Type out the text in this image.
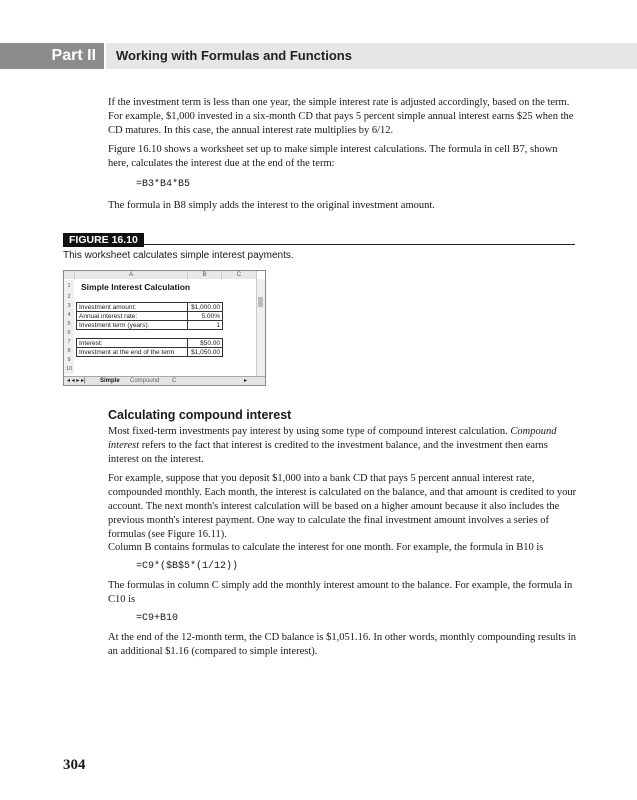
Part II	Working with Formulas and Functions

If the investment term is less than one year, the simple interest rate is adjusted accordingly, based on the term. For example, $1,000 invested in a six-month CD that pays 5 percent simple annual interest earns $25 when the CD matures. In this case, the annual interest rate multiplies by 6/12.

Figure 16.10 shows a worksheet set up to make simple interest calculations. The formula in cell B7, shown here, calculates the interest due at the end of the term:

=B3*B4*B5

The formula in B8 simply adds the interest to the original investment amount.

FIGURE 16.10
This worksheet calculates simple interest payments.
A	B	C
1
2
3
4
5
6
7
8
9
10
Simple Interest Calculation
Investment amount:	$1,000.00
Annual interest rate:	5.00%
Investment term (years):	1
Interest:	$50.00
Investment at the end of the term	$1,050.00
◂ ◂ ▸ ▸| Simple Compound C	▸
Calculating compound interest

Most fixed-term investments pay interest by using some type of compound interest calculation. Compound interest refers to the fact that interest is credited to the investment balance, and the investment then earns interest on the interest.

For example, suppose that you deposit $1,000 into a bank CD that pays 5 percent annual interest rate, compounded monthly. Each month, the interest is calculated on the balance, and that amount is credited to your account. The next month's interest calculation will be based on a higher amount because it also includes the previous month's interest payment. One way to calculate the final investment amount involves a series of formulas (see Figure 16.11).

Column B contains formulas to calculate the interest for one month. For example, the formula in B10 is

=C9*($B$5*(1/12))

The formulas in column C simply add the monthly interest amount to the balance. For example, the formula in C10 is

=C9+B10

At the end of the 12-month term, the CD balance is $1,051.16. In other words, monthly compounding results in an additional $1.16 (compared to simple interest).

304
